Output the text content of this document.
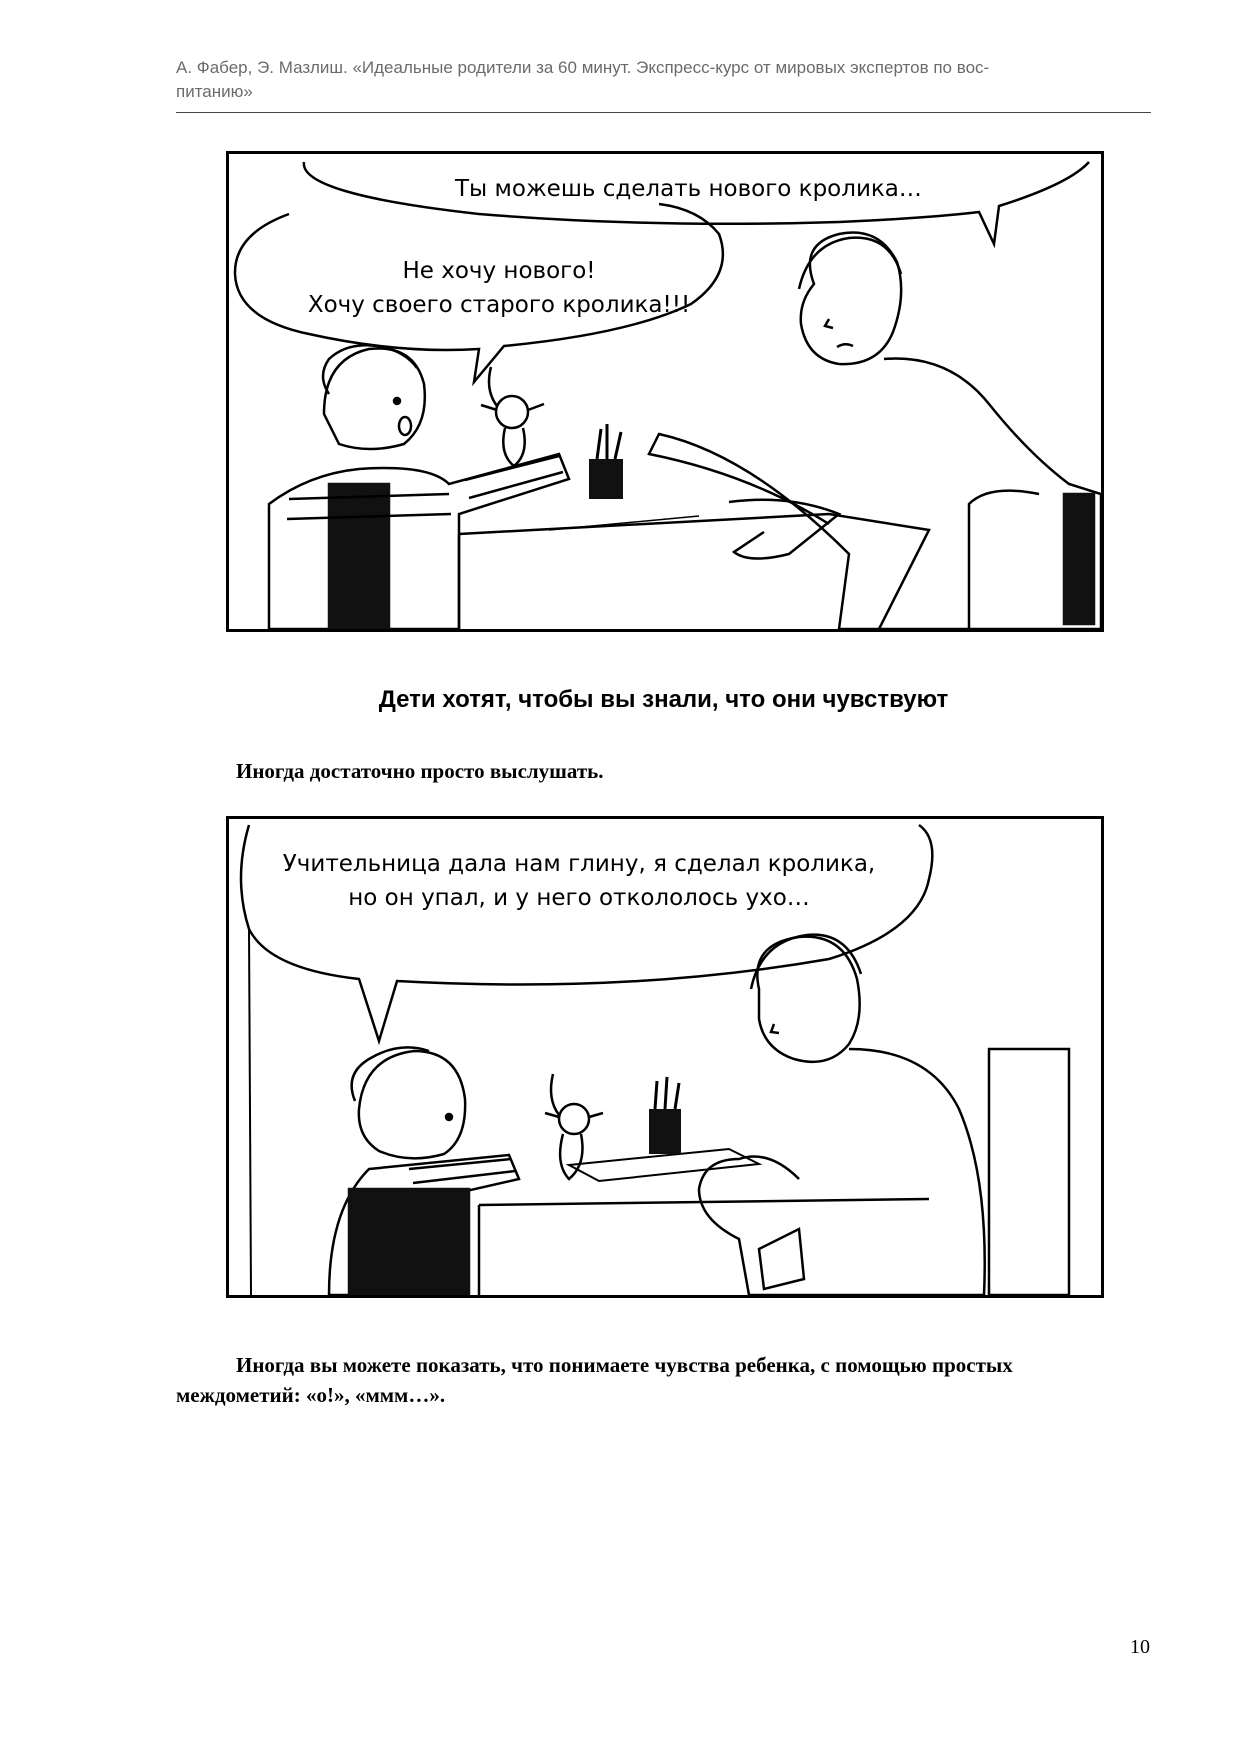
А. Фабер, Э. Мазлиш. «Идеальные родители за 60 минут. Экспресс-курс от мировых экспертов по вос-
питанию»
Ты можешь сделать нового кролика…
Не хочу нового!
Хочу своего старого кролика!!!
Дети хотят, чтобы вы знали, что они чувствуют
Иногда достаточно просто выслушать.
Учительница дала нам глину, я сделал кролика,
но он упал, и у него откололось ухо…
Иногда вы можете показать, что понимаете чувства ребенка, с помощью простых
междометий: «о!», «ммм…».
10
